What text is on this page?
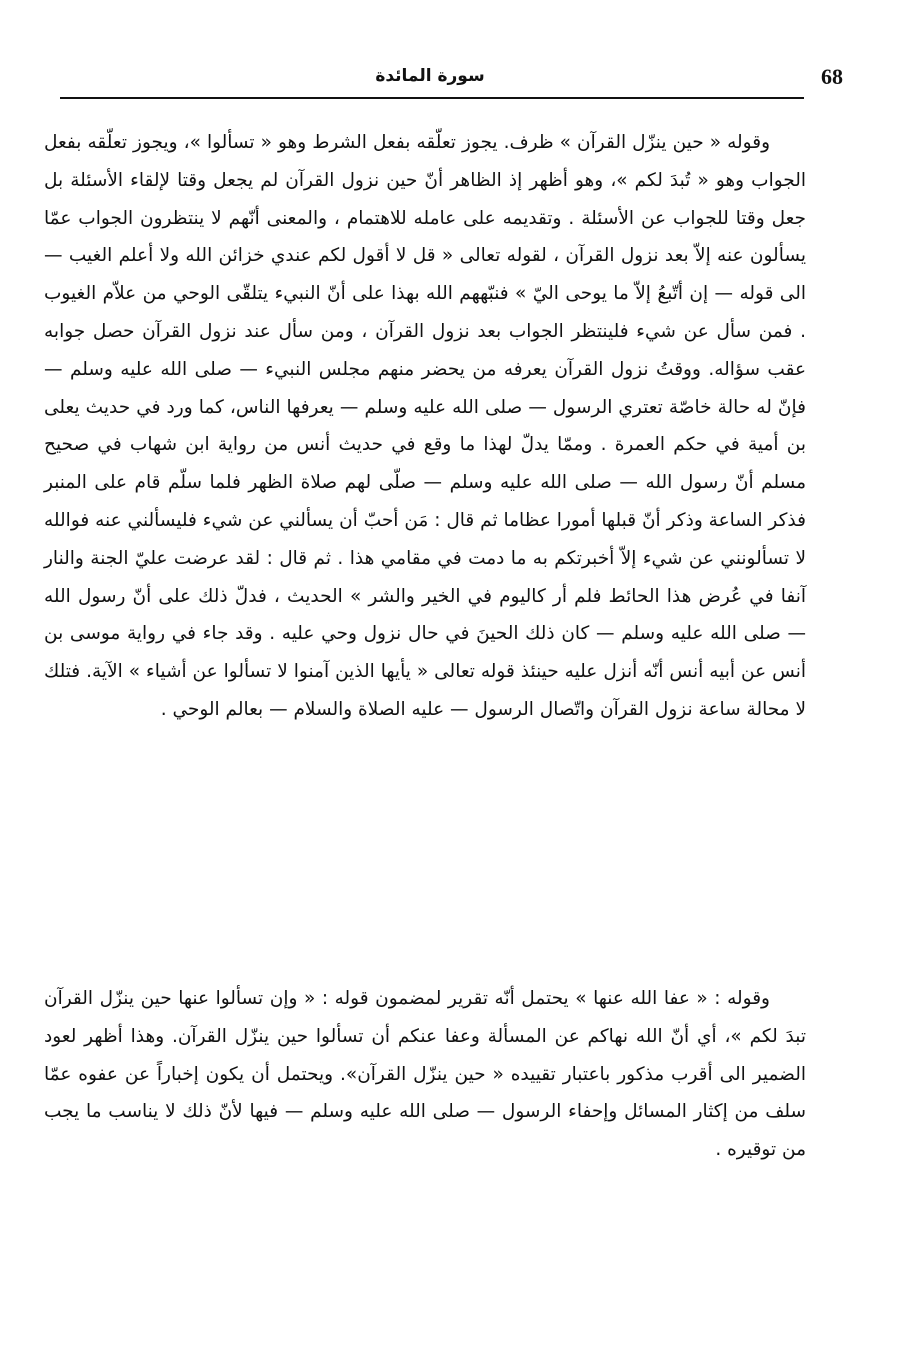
68
سورة المائدة

وقوله « حين ينزّل القرآن » ظرف. يجوز تعلّقه بفعل الشرط وهو « تسألوا »، ويجوز تعلّقه بفعل الجواب وهو « تُبدَ لكم »، وهو أظهر إذ الظاهر أنّ حين نزول القرآن لم يجعل وقتا لإلقاء الأسئلة بل جعل وقتا للجواب عن الأسئلة . وتقديمه على عامله للاهتمام ، والمعنى أنّهم لا ينتظرون الجواب عمّا يسألون عنه إلاّ بعد نزول القرآن ، لقوله تعالى « قل لا أقول لكم عندي خزائن الله ولا أعلم الغيب — الى قوله — إن أتّبعُ إلاّ ما يوحى اليّ » فنبّههم الله بهذا على أنّ النبيء يتلقّى الوحي من علاّم الغيوب . فمن سأل عن شيء فلينتظر الجواب بعد نزول القرآن ، ومن سأل عند نزول القرآن حصل جوابه عقب سؤاله. ووقتُ نزول القرآن يعرفه من يحضر منهم مجلس النبيء — صلى الله عليه وسلم — فإنّ له حالة خاصّة تعتري الرسول — صلى الله عليه وسلم — يعرفها الناس، كما ورد في حديث يعلى بن أمية في حكم العمرة . وممّا يدلّ لهذا ما وقع في حديث أنس من رواية ابن شهاب في صحيح مسلم أنّ رسول الله — صلى الله عليه وسلم — صلّى لهم صلاة الظهر فلما سلّم قام على المنبر فذكر الساعة وذكر أنّ قبلها أمورا عظاما ثم قال : مَن أحبّ أن يسألني عن شيء فليسألني عنه فوالله لا تسألونني عن شيء إلاّ أخبرتكم به ما دمت في مقامي هذا . ثم قال : لقد عرضت عليّ الجنة والنار آنفا في عُرض هذا الحائط فلم أر كاليوم في الخير والشر » الحديث ، فدلّ ذلك على أنّ رسول الله — صلى الله عليه وسلم — كان ذلك الحينَ في حال نزول وحي عليه . وقد جاء في رواية موسى بن أنس عن أبيه أنس أنّه أنزل عليه حينئذ قوله تعالى « يأيها الذين آمنوا لا تسألوا عن أشياء » الآية. فتلك لا محالة ساعة نزول القرآن واتّصال الرسول — عليه الصلاة والسلام — بعالم الوحي .

وقوله : « عفا الله عنها » يحتمل أنّه تقرير لمضمون قوله : « وإن تسألوا عنها حين ينزّل القرآن تبدَ لكم »، أي أنّ الله نهاكم عن المسألة وعفا عنكم أن تسألوا حين ينزّل القرآن. وهذا أظهر لعود الضمير الى أقرب مذكور باعتبار تقييده « حين ينزّل القرآن». ويحتمل أن يكون إخباراً عن عفوه عمّا سلف من إكثار المسائل وإحفاء الرسول — صلى الله عليه وسلم — فيها لأنّ ذلك لا يناسب ما يجب من توقيره .
